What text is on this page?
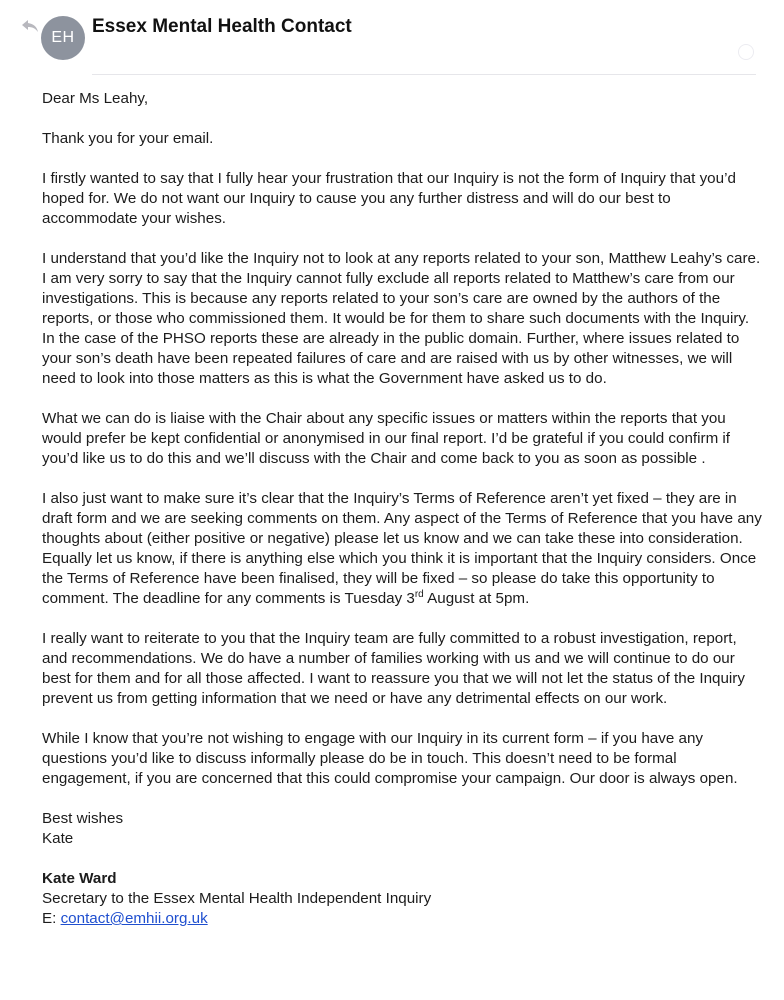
EH
Essex Mental Health Contact

Dear Ms Leahy,

Thank you for your email.

I firstly wanted to say that I fully hear your frustration that our Inquiry is not the form of Inquiry that you’d hoped for. We do not want our Inquiry to cause you any further distress and will do our best to accommodate your wishes.

I understand that you’d like the Inquiry not to look at any reports related to your son, Matthew Leahy’s care. I am very sorry to say that the Inquiry cannot fully exclude all reports related to Matthew’s care from our investigations. This is because any reports related to your son’s care are owned by the authors of the reports, or those who commissioned them. It would be for them to share such documents with the Inquiry. In the case of the PHSO reports these are already in the public domain. Further, where issues related to your son’s death have been repeated failures of care and are raised with us by other witnesses, we will need to look into those matters as this is what the Government have asked us to do.

What we can do is liaise with the Chair about any specific issues or matters within the reports that you would prefer be kept confidential or anonymised in our final report. I’d be grateful if you could confirm if you’d like us to do this and we’ll discuss with the Chair and come back to you as soon as possible .

I also just want to make sure it’s clear that the Inquiry’s Terms of Reference aren’t yet fixed – they are in draft form and we are seeking comments on them. Any aspect of the Terms of Reference that you have any thoughts about (either positive or negative) please let us know and we can take these into consideration. Equally let us know, if there is anything else which you think it is important that the Inquiry considers. Once the Terms of Reference have been finalised, they will be fixed – so please do take this opportunity to comment. The deadline for any comments is Tuesday 3rd August at 5pm.

I really want to reiterate to you that the Inquiry team are fully committed to a robust investigation, report, and recommendations. We do have a number of families working with us and we will continue to do our best for them and for all those affected. I want to reassure you that we will not let the status of the Inquiry prevent us from getting information that we need or have any detrimental effects on our work.

While I know that you’re not wishing to engage with our Inquiry in its current form – if you have any questions you’d like to discuss informally please do be in touch. This doesn’t need to be formal engagement, if you are concerned that this could compromise your campaign. Our door is always open.

Best wishes

Kate

Kate Ward

Secretary to the Essex Mental Health Independent Inquiry

E: contact@emhii.org.uk
